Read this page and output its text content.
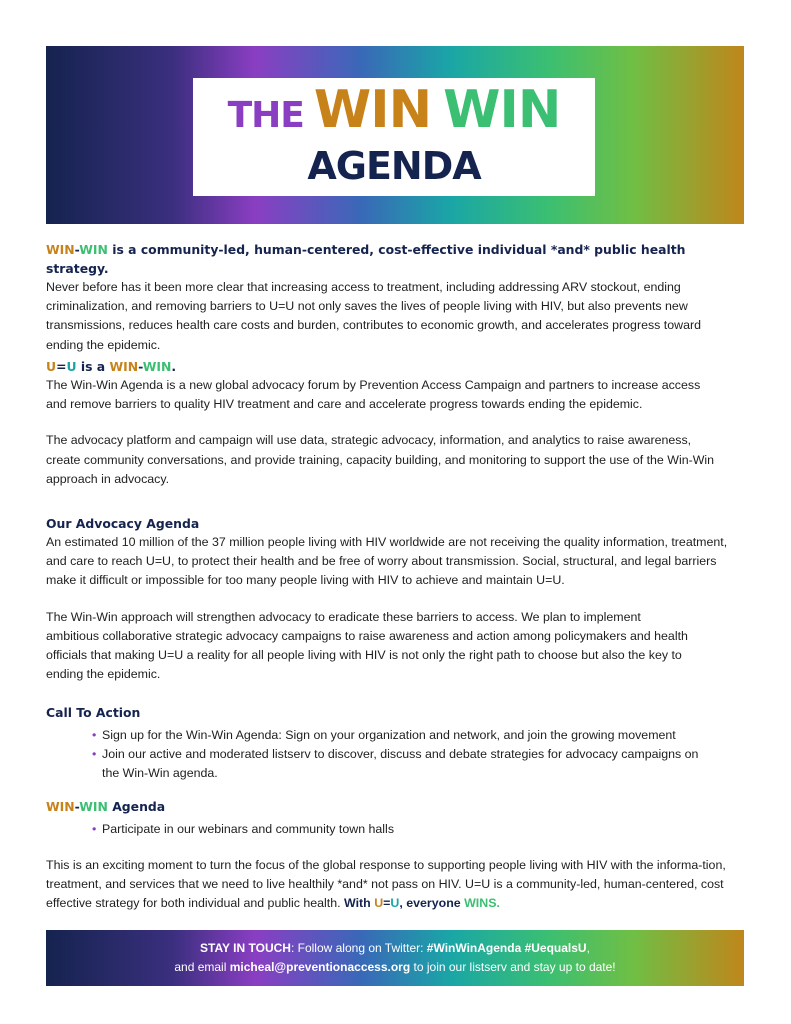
THE WIN WIN
AGENDA
WIN-WIN is a community-led, human-centered, cost-effective individual *and* public health strategy.

Never before has it been more clear that increasing access to treatment, including addressing ARV stockout, ending criminalization, and removing barriers to U=U not only saves the lives of people living with HIV, but also prevents new transmissions, reduces health care costs and burden, contributes to economic growth, and accelerates progress toward ending the epidemic.

U=U is a WIN-WIN.

The Win-Win Agenda is a new global advocacy forum by Prevention Access Campaign and partners to increase access and remove barriers to quality HIV treatment and care and accelerate progress towards ending the epidemic.

The advocacy platform and campaign will use data, strategic advocacy, information, and analytics to raise awareness, create community conversations, and provide training, capacity building, and monitoring to support the use of the Win-Win approach in advocacy.

Our Advocacy Agenda

An estimated 10 million of the 37 million people living with HIV worldwide are not receiving the quality information, treatment, and care to reach U=U, to protect their health and be free of worry about transmission. Social, structural, and legal barriers make it difficult or impossible for too many people living with HIV to achieve and maintain U=U.

The Win-Win approach will strengthen advocacy to eradicate these barriers to access. We plan to implement ambitious collaborative strategic advocacy campaigns to raise awareness and action among policymakers and health officials that making U=U a reality for all people living with HIV is not only the right path to choose but also the key to ending the epidemic.

Call To Action
• Sign up for the Win-Win Agenda: Sign on your organization and network, and join the growing movement
• Join our active and moderated listserv to discover, discuss and debate strategies for advocacy campaigns on the Win-Win agenda.
WIN-WIN Agenda
• Participate in our webinars and community town halls

This is an exciting moment to turn the focus of the global response to supporting people living with HIV with the informa-tion, treatment, and services that we need to live healthily *and* not pass on HIV. U=U is a community-led, human-centered, cost effective strategy for both individual and public health. With U=U, everyone WINS.

STAY IN TOUCH: Follow along on Twitter: #WinWinAgenda #UequalsU,
and email micheal@preventionaccess.org to join our listserv and stay up to date!
